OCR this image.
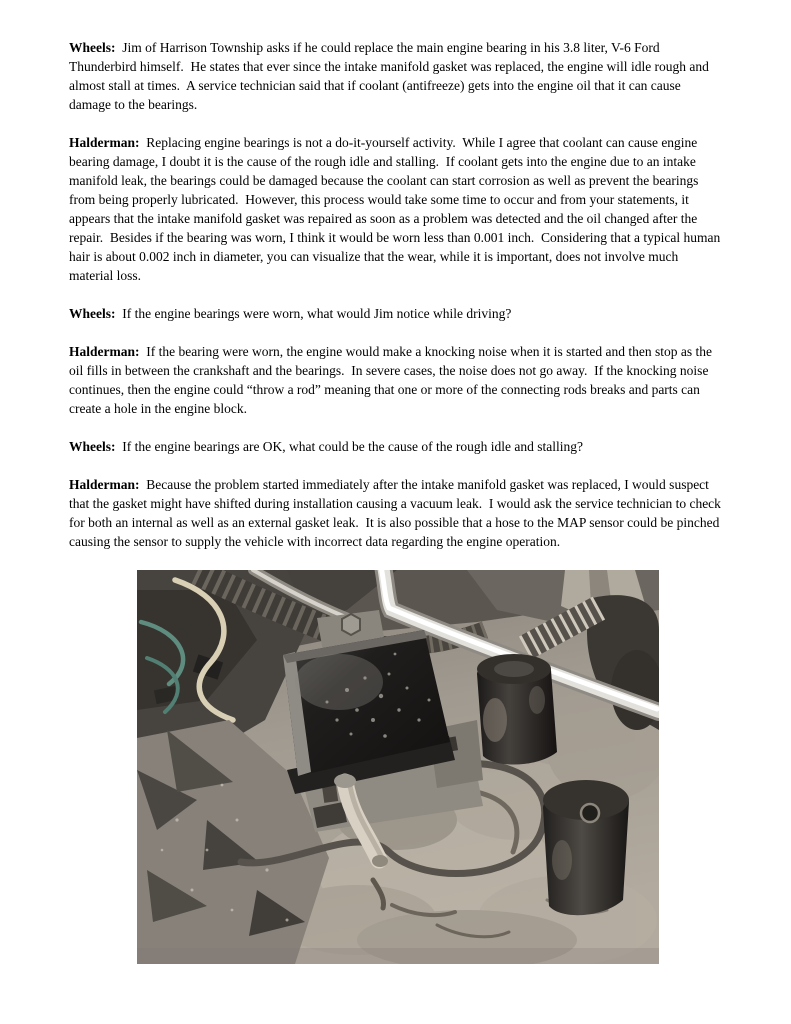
Wheels:  Jim of Harrison Township asks if he could replace the main engine bearing in his 3.8 liter, V-6 Ford Thunderbird himself.  He states that ever since the intake manifold gasket was replaced, the engine will idle rough and almost stall at times.  A service technician said that if coolant (antifreeze) gets into the engine oil that it can cause damage to the bearings.

Halderman:  Replacing engine bearings is not a do-it-yourself activity.  While I agree that coolant can cause engine bearing damage, I doubt it is the cause of the rough idle and stalling.  If coolant gets into the engine due to an intake manifold leak, the bearings could be damaged because the coolant can start corrosion as well as prevent the bearings from being properly lubricated.  However, this process would take some time to occur and from your statements, it appears that the intake manifold gasket was repaired as soon as a problem was detected and the oil changed after the repair.  Besides if the bearing was worn, I think it would be worn less than 0.001 inch.  Considering that a typical human hair is about 0.002 inch in diameter, you can visualize that the wear, while it is important, does not involve much material loss.

Wheels:  If the engine bearings were worn, what would Jim notice while driving?

Halderman:  If the bearing were worn, the engine would make a knocking noise when it is started and then stop as the oil fills in between the crankshaft and the bearings.  In severe cases, the noise does not go away.  If the knocking noise continues, then the engine could “throw a rod” meaning that one or more of the connecting rods breaks and parts can create a hole in the engine block.

Wheels:  If the engine bearings are OK, what could be the cause of the rough idle and stalling?

Halderman:  Because the problem started immediately after the intake manifold gasket was replaced, I would suspect that the gasket might have shifted during installation causing a vacuum leak.  I would ask the service technician to check for both an internal as well as an external gasket leak.  It is also possible that a hose to the MAP sensor could be pinched causing the sensor to supply the vehicle with incorrect data regarding the engine operation.
